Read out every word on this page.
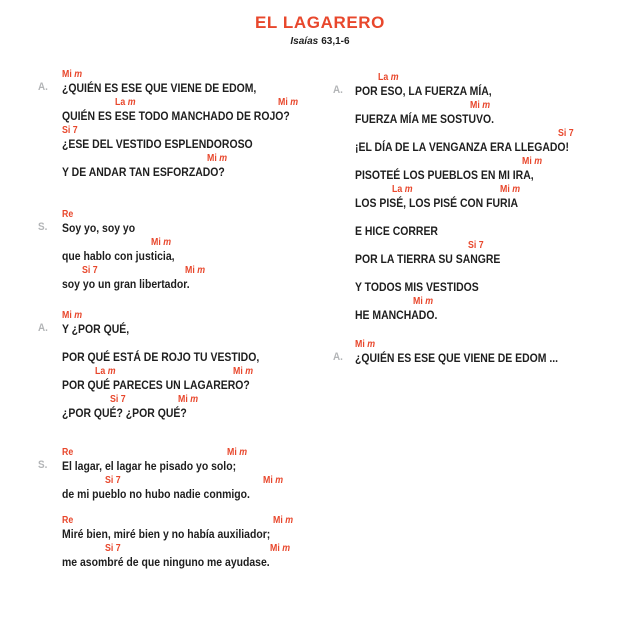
EL LAGARERO
Isaías 63,1-6
A.
Mi m
¿QUIÉN ES ESE QUE VIENE DE EDOM,
La m	Mi m
QUIÉN ES ESE TODO MANCHADO DE ROJO?
Si 7
¿ESE DEL VESTIDO ESPLENDOROSO
Mi m
Y DE ANDAR TAN ESFORZADO?
S.
Re
Soy yo, soy yo
Mi m
que hablo con justicia,
Si 7	Mi m
soy yo un gran libertador.
A.
Mi m
Y ¿POR QUÉ,
POR QUÉ ESTÁ DE ROJO TU VESTIDO,
La m	Mi m
POR QUÉ PARECES UN LAGARERO?
Si 7	Mi m
¿POR QUÉ? ¿POR QUÉ?
S.
Re	Mi m
El lagar, el lagar he pisado yo solo;
Si 7	Mi m
de mi pueblo no hubo nadie conmigo.
Re	Mi m
Miré bien, miré bien y no había auxiliador;
Si 7	Mi m
me asombré de que ninguno me ayudase.
A.
La m
POR ESO, LA FUERZA MÍA,
Mi m
FUERZA MÍA ME SOSTUVO.
Si 7
¡EL DÍA DE LA VENGANZA ERA LLEGADO!
Mi m
PISOTEÉ LOS PUEBLOS EN MI IRA,
La m	Mi m
LOS PISÉ, LOS PISÉ CON FURIA
E HICE CORRER
Si 7
POR LA TIERRA SU SANGRE
Y TODOS MIS VESTIDOS
Mi m
HE MANCHADO.
A.
Mi m
¿QUIÉN ES ESE QUE VIENE DE EDOM ...
